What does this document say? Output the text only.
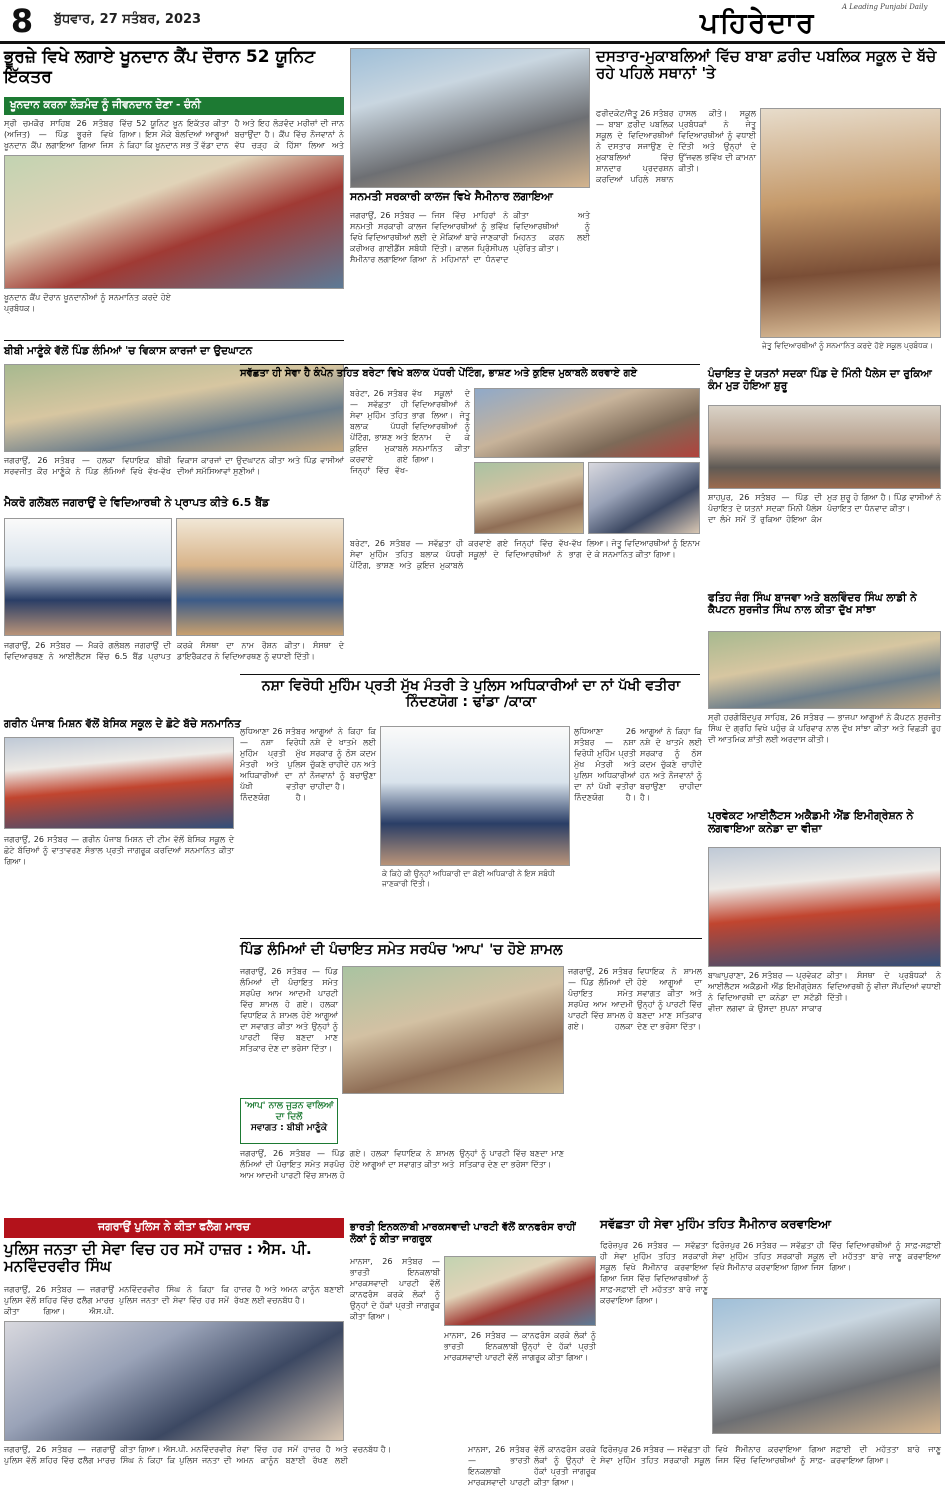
8	ਬੁੱਧਵਾਰ, 27 ਸਤੰਬਰ, 2023	ਪਹਿਰੇਦਾਰ	A Leading Punjabi Daily
ਭੂਰਜ਼ੇ ਵਿਖੇ ਲਗਾਏ ਖੂਨਦਾਨ ਕੈਂਪ ਦੌਰਾਨ 52 ਯੂਨਿਟ ਇੱਕਤਰ
ਖੂਨਦਾਨ ਕਰਨਾ ਲੋੜਮੰਦ ਨੂੰ ਜੀਵਨਦਾਨ ਦੇਣਾ - ਚੰਨੀ
ਸ੍ਰੀ ਚਮਕੌਰ ਸਾਹਿਬ 26 ਸਤੰਬਰ (ਅਜਿਤ) — ਪਿੰਡ ਭੂਰਜ਼ੇ ਵਿਖੇ ਖੂਨਦਾਨ ਕੈਂਪ ਲਗਾਇਆ ਗਿਆ ਜਿਸ ਵਿੱਚ 52 ਯੂਨਿਟ ਖੂਨ ਇਕੱਤਰ ਕੀਤਾ ਗਿਆ। ਇਸ ਮੌਕੇ ਬੋਲਦਿਆਂ ਆਗੂਆਂ ਨੇ ਕਿਹਾ ਕਿ ਖੂਨਦਾਨ ਸਭ ਤੋਂ ਵੱਡਾ ਦਾਨ ਹੈ ਅਤੇ ਇਹ ਲੋੜਵੰਦ ਮਰੀਜ਼ਾਂ ਦੀ ਜਾਨ ਬਚਾਉਂਦਾ ਹੈ। ਕੈਂਪ ਵਿੱਚ ਨੌਜਵਾਨਾਂ ਨੇ ਵੱਧ ਚੜ੍ਹ ਕੇ ਹਿੱਸਾ ਲਿਆ ਅਤੇ
ਖੂਨਦਾਨ ਕੈਂਪ ਦੌਰਾਨ ਖੂਨਦਾਨੀਆਂ ਨੂੰ ਸਨਮਾਨਿਤ ਕਰਦੇ ਹੋਏ ਪ੍ਰਬੰਧਕ।
ਬੀਬੀ ਮਾਣੂੰਕੇ ਵੱਲੋਂ ਪਿੰਡ ਲੰਮਿਆਂ 'ਚ ਵਿਕਾਸ ਕਾਰਜਾਂ ਦਾ ਉਦਘਾਟਨ
ਜਗਰਾਉਂ, 26 ਸਤੰਬਰ — ਹਲਕਾ ਵਿਧਾਇਕ ਬੀਬੀ ਸਰਵਜੀਤ ਕੌਰ ਮਾਣੂੰਕੇ ਨੇ ਪਿੰਡ ਲੰਮਿਆਂ ਵਿਖੇ ਵੱਖ-ਵੱਖ ਵਿਕਾਸ ਕਾਰਜਾਂ ਦਾ ਉਦਘਾਟਨ ਕੀਤਾ ਅਤੇ ਪਿੰਡ ਵਾਸੀਆਂ ਦੀਆਂ ਸਮੱਸਿਆਵਾਂ ਸੁਣੀਆਂ।
ਮੈਕਰੋ ਗਲੋਬਲ ਜਗਰਾਉਂ ਦੇ ਵਿਦਿਆਰਥੀ ਨੇ ਪ੍ਰਾਪਤ ਕੀਤੇ 6.5 ਬੈਂਡ
ਜਗਰਾਉਂ, 26 ਸਤੰਬਰ — ਮੈਕਰੋ ਗਲੋਬਲ ਜਗਰਾਉਂ ਦੀ ਵਿਦਿਆਰਥਣ ਨੇ ਆਈਲੈਟਸ ਵਿੱਚ 6.5 ਬੈਂਡ ਪ੍ਰਾਪਤ ਕਰਕੇ ਸੰਸਥਾ ਦਾ ਨਾਮ ਰੌਸ਼ਨ ਕੀਤਾ। ਸੰਸਥਾ ਦੇ ਡਾਇਰੈਕਟਰ ਨੇ ਵਿਦਿਆਰਥਣ ਨੂੰ ਵਧਾਈ ਦਿੱਤੀ।
ਗਰੀਨ ਪੰਜਾਬ ਮਿਸ਼ਨ ਵੱਲੋਂ ਬੇਸਿਕ ਸਕੂਲ ਦੇ ਛੋਟੇ ਬੱਚੇ ਸਨਮਾਨਿਤ
ਜਗਰਾਉਂ, 26 ਸਤੰਬਰ — ਗਰੀਨ ਪੰਜਾਬ ਮਿਸ਼ਨ ਦੀ ਟੀਮ ਵੱਲੋਂ ਬੇਸਿਕ ਸਕੂਲ ਦੇ ਛੋਟੇ ਬੱਚਿਆਂ ਨੂੰ ਵਾਤਾਵਰਣ ਸੰਭਾਲ ਪ੍ਰਤੀ ਜਾਗਰੂਕ ਕਰਦਿਆਂ ਸਨਮਾਨਿਤ ਕੀਤਾ ਗਿਆ।
ਸਨਮਤੀ ਸਰਕਾਰੀ ਕਾਲਜ ਵਿਖੇ ਸੈਮੀਨਾਰ ਲਗਾਇਆ
ਜਗਰਾਉਂ, 26 ਸਤੰਬਰ — ਸਨਮਤੀ ਸਰਕਾਰੀ ਕਾਲਜ ਵਿਖੇ ਵਿਦਿਆਰਥੀਆਂ ਲਈ ਕਰੀਅਰ ਗਾਈਡੈਂਸ ਸਬੰਧੀ ਸੈਮੀਨਾਰ ਲਗਾਇਆ ਗਿਆ ਜਿਸ ਵਿੱਚ ਮਾਹਿਰਾਂ ਨੇ ਵਿਦਿਆਰਥੀਆਂ ਨੂੰ ਭਵਿੱਖ ਦੇ ਮੌਕਿਆਂ ਬਾਰੇ ਜਾਣਕਾਰੀ ਦਿੱਤੀ। ਕਾਲਜ ਪ੍ਰਿੰਸੀਪਲ ਨੇ ਮਹਿਮਾਨਾਂ ਦਾ ਧੰਨਵਾਦ ਕੀਤਾ ਅਤੇ ਵਿਦਿਆਰਥੀਆਂ ਨੂੰ ਮਿਹਨਤ ਕਰਨ ਲਈ ਪ੍ਰੇਰਿਤ ਕੀਤਾ।
ਦਸਤਾਰ-ਮੁਕਾਬਲਿਆਂ ਵਿੱਚ ਬਾਬਾ ਫ਼ਰੀਦ ਪਬਲਿਕ ਸਕੂਲ ਦੇ ਬੱਚੇ ਰਹੇ ਪਹਿਲੇ ਸਥਾਨਾਂ 'ਤੇ
ਫਰੀਦਕੋਟ/ਜੈਤੂ 26 ਸਤੰਬਰ — ਬਾਬਾ ਫ਼ਰੀਦ ਪਬਲਿਕ ਸਕੂਲ ਦੇ ਵਿਦਿਆਰਥੀਆਂ ਨੇ ਦਸਤਾਰ ਸਜਾਉਣ ਦੇ ਮੁਕਾਬਲਿਆਂ ਵਿੱਚ ਸ਼ਾਨਦਾਰ ਪ੍ਰਦਰਸ਼ਨ ਕਰਦਿਆਂ ਪਹਿਲੇ ਸਥਾਨ ਹਾਸਲ ਕੀਤੇ। ਸਕੂਲ ਪ੍ਰਬੰਧਕਾਂ ਨੇ ਜੇਤੂ ਵਿਦਿਆਰਥੀਆਂ ਨੂੰ ਵਧਾਈ ਦਿੱਤੀ ਅਤੇ ਉਨ੍ਹਾਂ ਦੇ ਉੱਜਵਲ ਭਵਿੱਖ ਦੀ ਕਾਮਨਾ ਕੀਤੀ।
ਜੇਤੂ ਵਿਦਿਆਰਥੀਆਂ ਨੂੰ ਸਨਮਾਨਿਤ ਕਰਦੇ ਹੋਏ ਸਕੂਲ ਪ੍ਰਬੰਧਕ।
ਸਵੱਛਤਾ ਹੀ ਸੇਵਾ ਹੈ ਕੰਪੇਨ ਤਹਿਤ ਬਰੇਟਾ ਵਿਖੇ ਬਲਾਕ ਪੱਧਰੀ ਪੇਂਟਿੰਗ, ਭਾਸ਼ਣ ਅਤੇ ਕੁਇਜ਼ ਮੁਕਾਬਲੇ ਕਰਵਾਏ ਗਏ
ਬਰੇਟਾ, 26 ਸਤੰਬਰ — ਸਵੱਛਤਾ ਹੀ ਸੇਵਾ ਮੁਹਿੰਮ ਤਹਿਤ ਬਲਾਕ ਪੱਧਰੀ ਪੇਂਟਿੰਗ, ਭਾਸ਼ਣ ਅਤੇ ਕੁਇਜ਼ ਮੁਕਾਬਲੇ ਕਰਵਾਏ ਗਏ ਜਿਨ੍ਹਾਂ ਵਿੱਚ ਵੱਖ-ਵੱਖ ਸਕੂਲਾਂ ਦੇ ਵਿਦਿਆਰਥੀਆਂ ਨੇ ਭਾਗ ਲਿਆ। ਜੇਤੂ ਵਿਦਿਆਰਥੀਆਂ ਨੂੰ ਇਨਾਮ ਦੇ ਕੇ ਸਨਮਾਨਿਤ ਕੀਤਾ ਗਿਆ।
ਬਰੇਟਾ, 26 ਸਤੰਬਰ — ਸਵੱਛਤਾ ਹੀ ਸੇਵਾ ਮੁਹਿੰਮ ਤਹਿਤ ਬਲਾਕ ਪੱਧਰੀ ਪੇਂਟਿੰਗ, ਭਾਸ਼ਣ ਅਤੇ ਕੁਇਜ਼ ਮੁਕਾਬਲੇ ਕਰਵਾਏ ਗਏ ਜਿਨ੍ਹਾਂ ਵਿੱਚ ਵੱਖ-ਵੱਖ ਸਕੂਲਾਂ ਦੇ ਵਿਦਿਆਰਥੀਆਂ ਨੇ ਭਾਗ ਲਿਆ। ਜੇਤੂ ਵਿਦਿਆਰਥੀਆਂ ਨੂੰ ਇਨਾਮ ਦੇ ਕੇ ਸਨਮਾਨਿਤ ਕੀਤਾ ਗਿਆ।
ਪੰਚਾਇਤ ਦੇ ਯਤਨਾਂ ਸਦਕਾ ਪਿੰਡ ਦੇ ਮਿੰਨੀ ਪੈਲੇਸ ਦਾ ਰੁਕਿਆ ਕੰਮ ਮੁੜ ਹੋਇਆ ਸ਼ੁਰੂ
ਸ਼ਾਹਪੁਰ, 26 ਸਤੰਬਰ — ਪਿੰਡ ਦੀ ਪੰਚਾਇਤ ਦੇ ਯਤਨਾਂ ਸਦਕਾ ਮਿੰਨੀ ਪੈਲੇਸ ਦਾ ਲੰਮੇ ਸਮੇਂ ਤੋਂ ਰੁਕਿਆ ਹੋਇਆ ਕੰਮ ਮੁੜ ਸ਼ੁਰੂ ਹੋ ਗਿਆ ਹੈ। ਪਿੰਡ ਵਾਸੀਆਂ ਨੇ ਪੰਚਾਇਤ ਦਾ ਧੰਨਵਾਦ ਕੀਤਾ।
ਫਤਿਹ ਜੰਗ ਸਿੰਘ ਬਾਜਵਾ ਅਤੇ ਬਲਵਿੰਦਰ ਸਿੰਘ ਲਾਡੀ ਨੇ ਕੈਪਟਨ ਸੁਰਜੀਤ ਸਿੰਘ ਨਾਲ ਕੀਤਾ ਦੁੱਖ ਸਾਂਝਾ
ਸ੍ਰੀ ਹਰਗੋਬਿੰਦਪੁਰ ਸਾਹਿਬ, 26 ਸਤੰਬਰ — ਭਾਜਪਾ ਆਗੂਆਂ ਨੇ ਕੈਪਟਨ ਸੁਰਜੀਤ ਸਿੰਘ ਦੇ ਗ੍ਰਹਿ ਵਿਖੇ ਪਹੁੰਚ ਕੇ ਪਰਿਵਾਰ ਨਾਲ ਦੁੱਖ ਸਾਂਝਾ ਕੀਤਾ ਅਤੇ ਵਿਛੜੀ ਰੂਹ ਦੀ ਆਤਮਿਕ ਸ਼ਾਂਤੀ ਲਈ ਅਰਦਾਸ ਕੀਤੀ।
ਨਸ਼ਾ ਵਿਰੋਧੀ ਮੁਹਿੰਮ ਪ੍ਰਤੀ ਮੁੱਖ ਮੰਤਰੀ ਤੇ ਪੁਲਿਸ ਅਧਿਕਾਰੀਆਂ ਦਾ ਨਾਂ ਪੱਖੀ ਵਤੀਰਾ ਨਿੰਦਣਯੋਗ : ਢਾਂਡਾ /ਕਾਕਾ
ਲੁਧਿਆਣਾ 26 ਸਤੰਬਰ — ਨਸ਼ਾ ਵਿਰੋਧੀ ਮੁਹਿੰਮ ਪ੍ਰਤੀ ਮੁੱਖ ਮੰਤਰੀ ਅਤੇ ਪੁਲਿਸ ਅਧਿਕਾਰੀਆਂ ਦਾ ਨਾਂ ਪੱਖੀ ਵਤੀਰਾ ਨਿੰਦਣਯੋਗ ਹੈ। ਆਗੂਆਂ ਨੇ ਕਿਹਾ ਕਿ ਨਸ਼ੇ ਦੇ ਖਾਤਮੇ ਲਈ ਸਰਕਾਰ ਨੂੰ ਠੋਸ ਕਦਮ ਚੁੱਕਣੇ ਚਾਹੀਦੇ ਹਨ ਅਤੇ ਨੌਜਵਾਨਾਂ ਨੂੰ ਬਚਾਉਣਾ ਚਾਹੀਦਾ ਹੈ।
ਕੇ ਕਿਹੇ ਕੀ ਉਨ੍ਹਾਂ ਅਧਿਕਾਰੀ ਦਾ ਕੋਈ ਅਧਿਕਾਰੀ ਨੇ ਇਸ ਸਬੰਧੀ ਜਾਣਕਾਰੀ ਦਿੱਤੀ।
ਲੁਧਿਆਣਾ 26 ਸਤੰਬਰ — ਨਸ਼ਾ ਵਿਰੋਧੀ ਮੁਹਿੰਮ ਪ੍ਰਤੀ ਮੁੱਖ ਮੰਤਰੀ ਅਤੇ ਪੁਲਿਸ ਅਧਿਕਾਰੀਆਂ ਦਾ ਨਾਂ ਪੱਖੀ ਵਤੀਰਾ ਨਿੰਦਣਯੋਗ ਹੈ। ਆਗੂਆਂ ਨੇ ਕਿਹਾ ਕਿ ਨਸ਼ੇ ਦੇ ਖਾਤਮੇ ਲਈ ਸਰਕਾਰ ਨੂੰ ਠੋਸ ਕਦਮ ਚੁੱਕਣੇ ਚਾਹੀਦੇ ਹਨ ਅਤੇ ਨੌਜਵਾਨਾਂ ਨੂੰ ਬਚਾਉਣਾ ਚਾਹੀਦਾ ਹੈ।
ਪਿੰਡ ਲੰਮਿਆਂ ਦੀ ਪੰਚਾਇਤ ਸਮੇਤ ਸਰਪੰਚ 'ਆਪ' 'ਚ ਹੋਏ ਸ਼ਾਮਲ
ਜਗਰਾਉਂ, 26 ਸਤੰਬਰ — ਪਿੰਡ ਲੰਮਿਆਂ ਦੀ ਪੰਚਾਇਤ ਸਮੇਤ ਸਰਪੰਚ ਆਮ ਆਦਮੀ ਪਾਰਟੀ ਵਿੱਚ ਸ਼ਾਮਲ ਹੋ ਗਏ। ਹਲਕਾ ਵਿਧਾਇਕ ਨੇ ਸ਼ਾਮਲ ਹੋਏ ਆਗੂਆਂ ਦਾ ਸਵਾਗਤ ਕੀਤਾ ਅਤੇ ਉਨ੍ਹਾਂ ਨੂੰ ਪਾਰਟੀ ਵਿੱਚ ਬਣਦਾ ਮਾਣ ਸਤਿਕਾਰ ਦੇਣ ਦਾ ਭਰੋਸਾ ਦਿੱਤਾ।
ਜਗਰਾਉਂ, 26 ਸਤੰਬਰ — ਪਿੰਡ ਲੰਮਿਆਂ ਦੀ ਪੰਚਾਇਤ ਸਮੇਤ ਸਰਪੰਚ ਆਮ ਆਦਮੀ ਪਾਰਟੀ ਵਿੱਚ ਸ਼ਾਮਲ ਹੋ ਗਏ। ਹਲਕਾ ਵਿਧਾਇਕ ਨੇ ਸ਼ਾਮਲ ਹੋਏ ਆਗੂਆਂ ਦਾ ਸਵਾਗਤ ਕੀਤਾ ਅਤੇ ਉਨ੍ਹਾਂ ਨੂੰ ਪਾਰਟੀ ਵਿੱਚ ਬਣਦਾ ਮਾਣ ਸਤਿਕਾਰ ਦੇਣ ਦਾ ਭਰੋਸਾ ਦਿੱਤਾ।
'ਆਪ' ਨਾਲ ਜੁੜਨ ਵਾਲਿਆਂ ਦਾ ਦਿਲੋਂ
ਸਵਾਗਤ : ਬੀਬੀ ਮਾਣੂੰਕੇ
ਜਗਰਾਉਂ, 26 ਸਤੰਬਰ — ਪਿੰਡ ਲੰਮਿਆਂ ਦੀ ਪੰਚਾਇਤ ਸਮੇਤ ਸਰਪੰਚ ਆਮ ਆਦਮੀ ਪਾਰਟੀ ਵਿੱਚ ਸ਼ਾਮਲ ਹੋ ਗਏ। ਹਲਕਾ ਵਿਧਾਇਕ ਨੇ ਸ਼ਾਮਲ ਹੋਏ ਆਗੂਆਂ ਦਾ ਸਵਾਗਤ ਕੀਤਾ ਅਤੇ ਉਨ੍ਹਾਂ ਨੂੰ ਪਾਰਟੀ ਵਿੱਚ ਬਣਦਾ ਮਾਣ ਸਤਿਕਾਰ ਦੇਣ ਦਾ ਭਰੋਸਾ ਦਿੱਤਾ।
ਪ੍ਰਵੇਕਟ ਆਈਲੈਟਸ ਅਕੈਡਮੀ ਐਂਡ ਇਮੀਗ੍ਰੇਸ਼ਨ ਨੇ ਲਗਵਾਇਆ ਕਨੇਡਾ ਦਾ ਵੀਜ਼ਾ
ਬਾਘਾਪੁਰਾਣਾ, 26 ਸਤੰਬਰ — ਪ੍ਰਵੇਕਟ ਆਈਲੈਟਸ ਅਕੈਡਮੀ ਐਂਡ ਇਮੀਗ੍ਰੇਸ਼ਨ ਨੇ ਵਿਦਿਆਰਥੀ ਦਾ ਕਨੇਡਾ ਦਾ ਸਟੱਡੀ ਵੀਜ਼ਾ ਲਗਵਾ ਕੇ ਉਸਦਾ ਸੁਪਨਾ ਸਾਕਾਰ ਕੀਤਾ। ਸੰਸਥਾ ਦੇ ਪ੍ਰਬੰਧਕਾਂ ਨੇ ਵਿਦਿਆਰਥੀ ਨੂੰ ਵੀਜ਼ਾ ਸੌਂਪਦਿਆਂ ਵਧਾਈ ਦਿੱਤੀ।
ਜਗਰਾਉਂ ਪੁਲਿਸ ਨੇ ਕੀਤਾ ਫਲੈਗ ਮਾਰਚ
ਪੁਲਿਸ ਜਨਤਾ ਦੀ ਸੇਵਾ ਵਿਚ ਹਰ ਸਮੇਂ ਹਾਜ਼ਰ : ਐਸ. ਪੀ. ਮਨਵਿੰਦਰਵੀਰ ਸਿੰਘ
ਜਗਰਾਉਂ, 26 ਸਤੰਬਰ — ਜਗਰਾਉਂ ਪੁਲਿਸ ਵੱਲੋਂ ਸ਼ਹਿਰ ਵਿੱਚ ਫਲੈਗ ਮਾਰਚ ਕੀਤਾ ਗਿਆ। ਐਸ.ਪੀ. ਮਨਵਿੰਦਰਵੀਰ ਸਿੰਘ ਨੇ ਕਿਹਾ ਕਿ ਪੁਲਿਸ ਜਨਤਾ ਦੀ ਸੇਵਾ ਵਿੱਚ ਹਰ ਸਮੇਂ ਹਾਜ਼ਰ ਹੈ ਅਤੇ ਅਮਨ ਕਾਨੂੰਨ ਬਣਾਈ ਰੱਖਣ ਲਈ ਵਚਨਬੱਧ ਹੈ।
ਜਗਰਾਉਂ, 26 ਸਤੰਬਰ — ਜਗਰਾਉਂ ਪੁਲਿਸ ਵੱਲੋਂ ਸ਼ਹਿਰ ਵਿੱਚ ਫਲੈਗ ਮਾਰਚ ਕੀਤਾ ਗਿਆ। ਐਸ.ਪੀ. ਮਨਵਿੰਦਰਵੀਰ ਸਿੰਘ ਨੇ ਕਿਹਾ ਕਿ ਪੁਲਿਸ ਜਨਤਾ ਦੀ ਸੇਵਾ ਵਿੱਚ ਹਰ ਸਮੇਂ ਹਾਜ਼ਰ ਹੈ ਅਤੇ ਅਮਨ ਕਾਨੂੰਨ ਬਣਾਈ ਰੱਖਣ ਲਈ ਵਚਨਬੱਧ ਹੈ।
ਭਾਰਤੀ ਇਨਕਲਾਬੀ ਮਾਰਕਸਵਾਦੀ ਪਾਰਟੀ ਵੱਲੋਂ ਕਾਨਫਰੰਸ ਰਾਹੀਂ ਲੋਕਾਂ ਨੂੰ ਕੀਤਾ ਜਾਗਰੂਕ
ਮਾਨਸਾ, 26 ਸਤੰਬਰ — ਭਾਰਤੀ ਇਨਕਲਾਬੀ ਮਾਰਕਸਵਾਦੀ ਪਾਰਟੀ ਵੱਲੋਂ ਕਾਨਫਰੰਸ ਕਰਕੇ ਲੋਕਾਂ ਨੂੰ ਉਨ੍ਹਾਂ ਦੇ ਹੱਕਾਂ ਪ੍ਰਤੀ ਜਾਗਰੂਕ ਕੀਤਾ ਗਿਆ।
ਮਾਨਸਾ, 26 ਸਤੰਬਰ — ਭਾਰਤੀ ਇਨਕਲਾਬੀ ਮਾਰਕਸਵਾਦੀ ਪਾਰਟੀ ਵੱਲੋਂ ਕਾਨਫਰੰਸ ਕਰਕੇ ਲੋਕਾਂ ਨੂੰ ਉਨ੍ਹਾਂ ਦੇ ਹੱਕਾਂ ਪ੍ਰਤੀ ਜਾਗਰੂਕ ਕੀਤਾ ਗਿਆ।
ਮਾਨਸਾ, 26 ਸਤੰਬਰ — ਭਾਰਤੀ ਇਨਕਲਾਬੀ ਮਾਰਕਸਵਾਦੀ ਪਾਰਟੀ ਵੱਲੋਂ ਕਾਨਫਰੰਸ ਕਰਕੇ ਲੋਕਾਂ ਨੂੰ ਉਨ੍ਹਾਂ ਦੇ ਹੱਕਾਂ ਪ੍ਰਤੀ ਜਾਗਰੂਕ ਕੀਤਾ ਗਿਆ।
ਸਵੱਛਤਾ ਹੀ ਸੇਵਾ ਮੁਹਿੰਮ ਤਹਿਤ ਸੈਮੀਨਾਰ ਕਰਵਾਇਆ
ਫਿਰੋਜ਼ਪੁਰ 26 ਸਤੰਬਰ — ਸਵੱਛਤਾ ਹੀ ਸੇਵਾ ਮੁਹਿੰਮ ਤਹਿਤ ਸਰਕਾਰੀ ਸਕੂਲ ਵਿਖੇ ਸੈਮੀਨਾਰ ਕਰਵਾਇਆ ਗਿਆ ਜਿਸ ਵਿੱਚ ਵਿਦਿਆਰਥੀਆਂ ਨੂੰ ਸਾਫ਼-ਸਫ਼ਾਈ ਦੀ ਮਹੱਤਤਾ ਬਾਰੇ ਜਾਣੂ ਕਰਵਾਇਆ ਗਿਆ।
ਫਿਰੋਜ਼ਪੁਰ 26 ਸਤੰਬਰ — ਸਵੱਛਤਾ ਹੀ ਸੇਵਾ ਮੁਹਿੰਮ ਤਹਿਤ ਸਰਕਾਰੀ ਸਕੂਲ ਵਿਖੇ ਸੈਮੀਨਾਰ ਕਰਵਾਇਆ ਗਿਆ ਜਿਸ ਵਿੱਚ ਵਿਦਿਆਰਥੀਆਂ ਨੂੰ ਸਾਫ਼-ਸਫ਼ਾਈ ਦੀ ਮਹੱਤਤਾ ਬਾਰੇ ਜਾਣੂ ਕਰਵਾਇਆ ਗਿਆ।
ਫਿਰੋਜ਼ਪੁਰ 26 ਸਤੰਬਰ — ਸਵੱਛਤਾ ਹੀ ਸੇਵਾ ਮੁਹਿੰਮ ਤਹਿਤ ਸਰਕਾਰੀ ਸਕੂਲ ਵਿਖੇ ਸੈਮੀਨਾਰ ਕਰਵਾਇਆ ਗਿਆ ਜਿਸ ਵਿੱਚ ਵਿਦਿਆਰਥੀਆਂ ਨੂੰ ਸਾਫ਼-ਸਫ਼ਾਈ ਦੀ ਮਹੱਤਤਾ ਬਾਰੇ ਜਾਣੂ ਕਰਵਾਇਆ ਗਿਆ।
